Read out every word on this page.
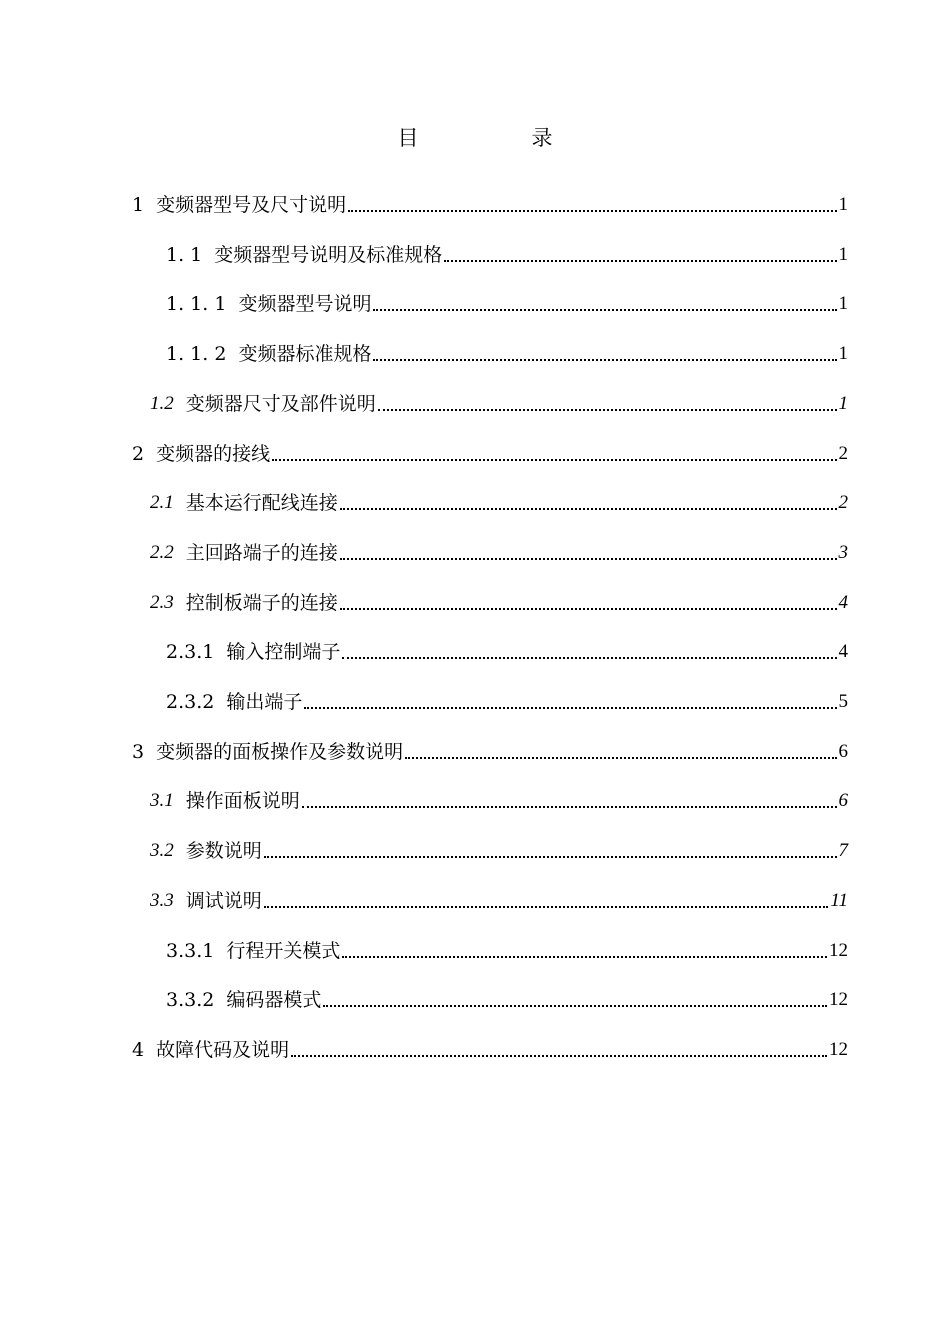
目　录
1 变频器型号及尺寸说明	1
1. 1 变频器型号说明及标准规格	1
1. 1. 1 变频器型号说明	1
1. 1. 2 变频器标准规格	1
1.2 变频器尺寸及部件说明	1
2 变频器的接线	2
2.1 基本运行配线连接	2
2.2 主回路端子的连接	3
2.3 控制板端子的连接	4
2.3.1 输入控制端子	4
2.3.2 输出端子	5
3 变频器的面板操作及参数说明	6
3.1 操作面板说明	6
3.2 参数说明	7
3.3 调试说明	11
3.3.1 行程开关模式	12
3.3.2 编码器模式	12
4 故障代码及说明	12
